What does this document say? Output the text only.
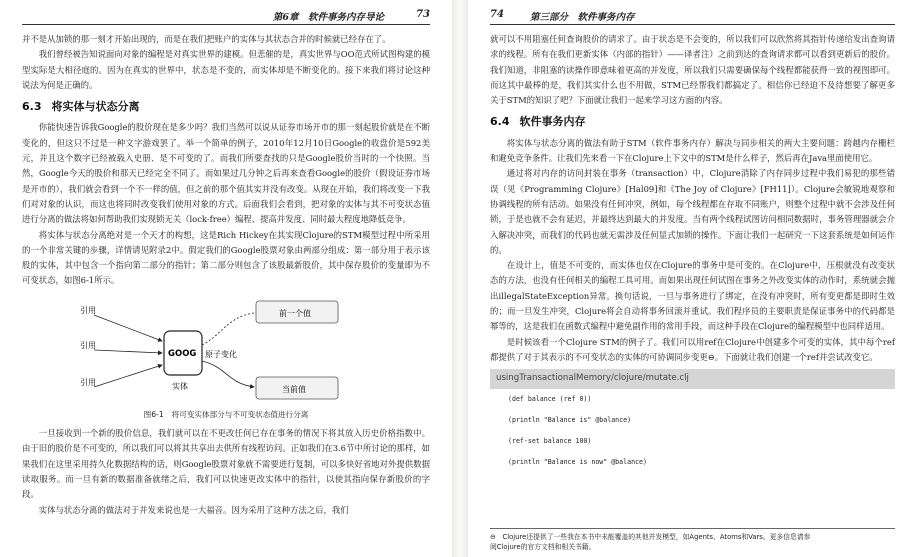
第6章　软件事务内存导论	73

并不是从加锁的那一刻才开始出现的，而是在我们把账户的实体与其状态合并的时候就已经存在了。

我们曾经被告知说面向对象的编程是对真实世界的建模。但悲催的是，真实世界与OO范式所试图构建的模型实际是大相径庭的。因为在真实的世界中，状态是不变的，而实体却是不断变化的。接下来我们将讨论这种说法为何是正确的。

6.3 将实体与状态分离

你能快速告诉我Google的股价现在是多少吗？我们当然可以说从证券市场开市的那一刻起股价就是在不断变化的，但这只不过是一种文字游戏罢了。举一个简单的例子，2010年12月10日Google的收盘价是592美元，并且这个数字已经被载入史册、是不可变的了。而我们所要查找的只是Google股价当时的一个快照。当然，Google今天的股价和那天已经完全不同了。而如果过几分钟之后再来查看Google的股价（假设证券市场是开市的），我们就会看到一个不一样的值，但之前的那个值其实并没有改变。从现在开始，我们将改变一下我们对对象的认识，而这也将同时改变我们使用对象的方式。后面我们会看到，把对象的实体与其不可变状态值进行分离的做法将如何帮助我们实现锁无关（lock-free）编程、提高并发度、同时最大程度地降低竞争。

将实体与状态分离绝对是一个天才的构想，这是Rich Hickey在其实现Clojure的STM模型过程中所采用的一个非常关键的步骤，详情请见附录2中。假定我们的Google股票对象由两部分组成：第一部分用于表示该股的实体，其中包含一个指向第二部分的指针；第二部分则包含了该股最新股价，其中保存股价的变量即为不可变状态，如图6-1所示。

引用
引用
引用
GOOG
实体
原子变化
前一个值
当前值
图6-1 将可变实体部分与不可变状态值进行分离

一旦接收到一个新的股价信息，我们就可以在不更改任何已存在事务的情况下将其放入历史价格指数中。由于旧的股价是不可变的，所以我们可以将其共享出去供所有线程访问。正如我们在3.6节中所讨论的那样，如果我们在这里采用持久化数据结构的话，则Google股票对象就不需要进行复制，可以多快好省地对外提供数据读取服务。而一旦有新的数据准备就绪之后，我们可以快速更改实体中的指针，以使其指向保存新股价的字段。

实体与状态分离的做法对于并发来说也是一大福音。因为采用了这种方法之后，我们

74	第三部分　软件事务内存

就可以不用阻塞任何查询股价的请求了。由于状态是不会变的，所以我们可以欣然将其指针传递给发出查询请求的线程。所有在我们更新实体（内部的指针）——译者注）之前到达的查询请求都可以看到更新后的股价。我们知道，非阻塞的读操作即意味着更高的并发度，所以我们只需要确保每个线程都能获得一致的视图即可。而这其中最棒的是，我们其实什么也不用做，STM已经帮我们都搞定了。相信你已经迫不及待想要了解更多关于STM的知识了吧？下面就让我们一起来学习这方面的内容。

6.4 软件事务内存

将实体与状态分离的做法有助于STM（软件事务内存）解决与同步相关的两大主要问题：跨越内存栅栏和避免竞争条件。让我们先来看一下在Clojure上下文中的STM是什么样子，然后再在Java里面使用它。

通过将对内存的访问封装在事务（transaction）中，Clojure消除了内存同步过程中我们易犯的那些错误（见《Programming Clojure》[Hal09]和《The Joy of Clojure》[FH11]）。Clojure会敏锐地观察和协调线程的所有活动。如果没有任何冲突，例如，每个线程都在存取不同账户，则整个过程中就不会涉及任何锁，于是也就不会有延迟，并最终达到最大的并发度。当有两个线程试图访问相同数据时，事务管理器就会介入解决冲突，而我们的代码也就无需涉及任何显式加锁的操作。下面让我们一起研究一下这套系统是如何运作的。

在设计上，值是不可变的，而实体也仅在Clojure的事务中是可变的。在Clojure中，压根就没有改变状态的方法，也没有任何相关的编程工具可用。而如果出现任何试图在事务之外改变实体的动作时，系统就会抛出illegalStateException异常。换句话说，一旦与事务进行了绑定，在没有冲突时，所有变更都是即时生效的；而一旦发生冲突，Clojure将会自动将事务回滚并重试。我们程序员的主要职责是保证事务中的代码都是幂等的，这是我们在函数式编程中避免副作用的常用手段，而这种手段在Clojure的编程模型中也同样适用。

是时候该看一个Clojure STM的例子了。我们可以用ref在Clojure中创建多个可变的实体，其中每个ref都提供了对于其表示的不可变状态的实体的可协调同步变更⊖。下面就让我们创建一个ref并尝试改变它。

usingTransactionalMemory/clojure/mutate.clj
(def balance (ref 0))
(println "Balance is" @balance)
(ref-set balance 100)
(println "Balance is now" @balance)
⊖　Clojure还提供了一些我在本书中未能覆盖的其他并发模型，如Agents、Atoms和Vars。更多信息请参
阅Clojure的官方文档和相关书籍。
